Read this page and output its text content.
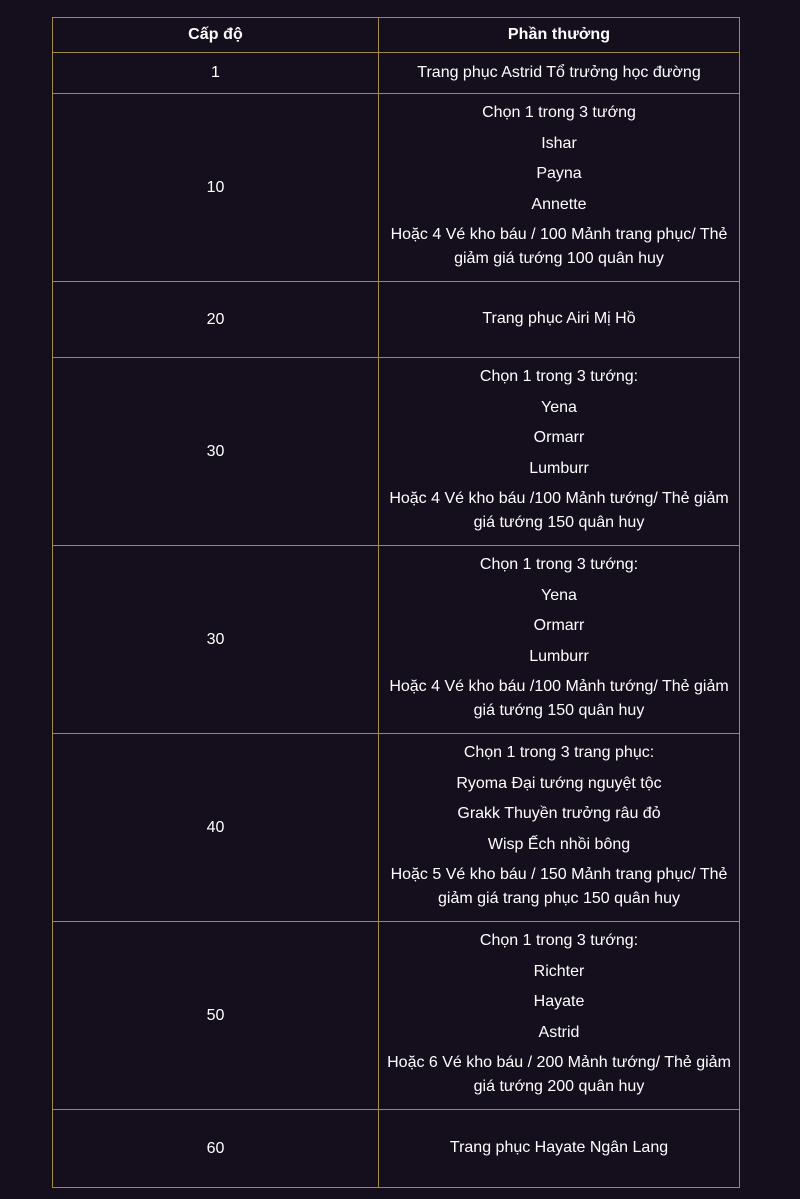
Cấp độ	Phần thưởng
1	Trang phục Astrid Tổ trưởng học đường

10	Chọn 1 trong 3 tướng
Ishar
Payna
Annette
Hoặc 4 Vé kho báu / 100 Mảnh trang phục/ Thẻ giảm giá tướng 100 quân huy

20	Trang phục Airi Mị Hồ

30	Chọn 1 trong 3 tướng:
Yena
Ormarr
Lumburr
Hoặc 4 Vé kho báu /100 Mảnh tướng/ Thẻ giảm giá tướng 150 quân huy

30	Chọn 1 trong 3 tướng:
Yena
Ormarr
Lumburr
Hoặc 4 Vé kho báu /100 Mảnh tướng/ Thẻ giảm giá tướng 150 quân huy

40	Chọn 1 trong 3 trang phục:
Ryoma Đại tướng nguyệt tộc
Grakk Thuyền trưởng râu đỏ
Wisp Ếch nhồi bông
Hoặc 5 Vé kho báu / 150 Mảnh trang phục/ Thẻ giảm giá trang phục 150 quân huy

50	Chọn 1 trong 3 tướng:
Richter
Hayate
Astrid
Hoặc 6 Vé kho báu / 200 Mảnh tướng/ Thẻ giảm giá tướng 200 quân huy

60	Trang phục Hayate Ngân Lang
